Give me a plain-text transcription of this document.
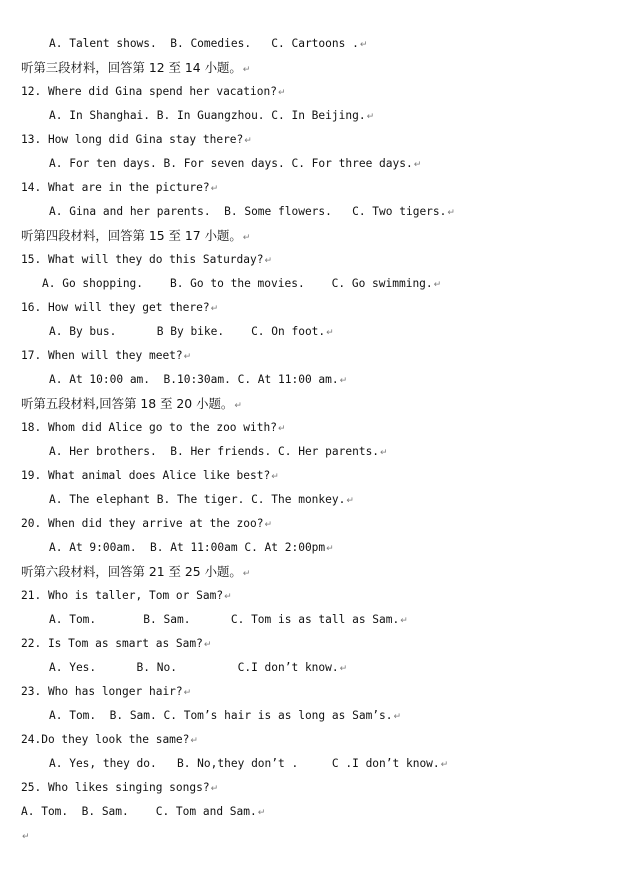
A. Talent shows.  B. Comedies.   C. Cartoons .↵
听第三段材料，回答第 12 至 14 小题。↵
12. Where did Gina spend her vacation?↵
A. In Shanghai. B. In Guangzhou. C. In Beijing.↵
13. How long did Gina stay there?↵
A. For ten days. B. For seven days. C. For three days.↵
14. What are in the picture?↵
A. Gina and her parents.  B. Some flowers.   C. Two tigers.↵
听第四段材料，回答第 15 至 17 小题。↵
15. What will they do this Saturday?↵
A. Go shopping.    B. Go to the movies.    C. Go swimming.↵
16. How will they get there?↵
A. By bus.      B By bike.    C. On foot.↵
17. When will they meet?↵
A. At 10:00 am.  B.10:30am. C. At 11:00 am.↵
听第五段材料,回答第 18 至 20 小题。↵
18. Whom did Alice go to the zoo with?↵
A. Her brothers.  B. Her friends. C. Her parents.↵
19. What animal does Alice like best?↵
A. The elephant B. The tiger. C. The monkey.↵
20. When did they arrive at the zoo?↵
A. At 9:00am.  B. At 11:00am C. At 2:00pm↵
听第六段材料，回答第 21 至 25 小题。↵
21. Who is taller, Tom or Sam?↵
A. Tom.       B. Sam.      C. Tom is as tall as Sam.↵
22. Is Tom as smart as Sam?↵
A. Yes.      B. No.         C.I don’t know.↵
23. Who has longer hair?↵
A. Tom.  B. Sam. C. Tom’s hair is as long as Sam’s.↵
24.Do they look the same?↵
A. Yes, they do.   B. No,they don’t .     C .I don’t know.↵
25. Who likes singing songs?↵
A. Tom.  B. Sam.    C. Tom and Sam.↵
↵
